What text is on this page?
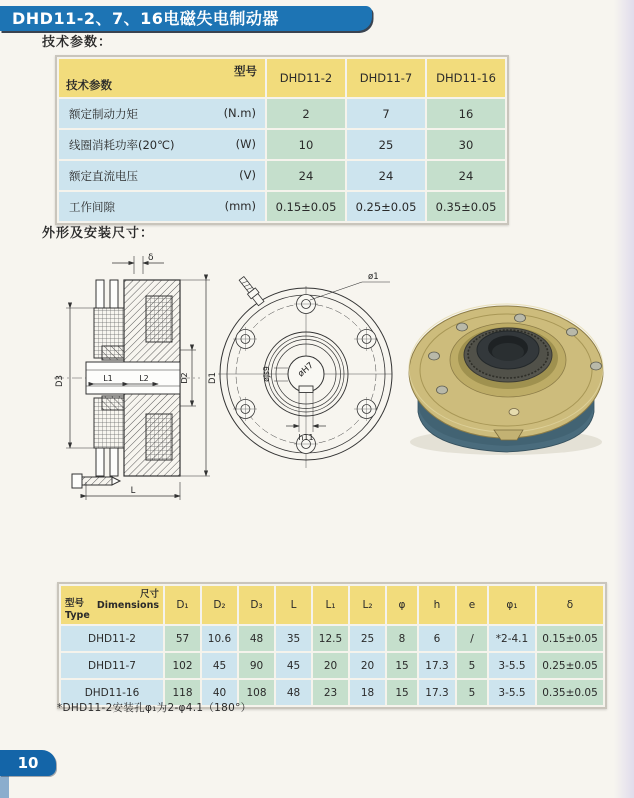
DHD11-2、7、16电磁失电制动器
技术参数：
型号
技术参数	DHD11-2	DHD11-7	DHD11-16

额定制动力矩 (N.m)	2	7	16

线圈消耗功率(20℃) (W)	10	25	30

额定直流电压 (V)	24	24	24

工作间隙 (mm)	0.15±0.05	0.25±0.05	0.35±0.05
外形及安装尺寸：
δ
D3	D1
D2
L1	L2
L
øH7
h11
øJs9
ø1
尺寸
Dimensions
型号
Type	D₁	D₂	D₃	L	L₁	L₂	φ	h	e	φ₁	δ
DHD11-2	57	10.6	48	35	12.5	25	8	6	/	*2-4.1	0.15±0.05
DHD11-7	102	45	90	45	20	20	15	17.3	5	3-5.5	0.25±0.05
DHD11-16	118	40	108	48	23	18	15	17.3	5	3-5.5	0.35±0.05
*DHD11-2安装孔φ₁为2-φ4.1（180°）
10
